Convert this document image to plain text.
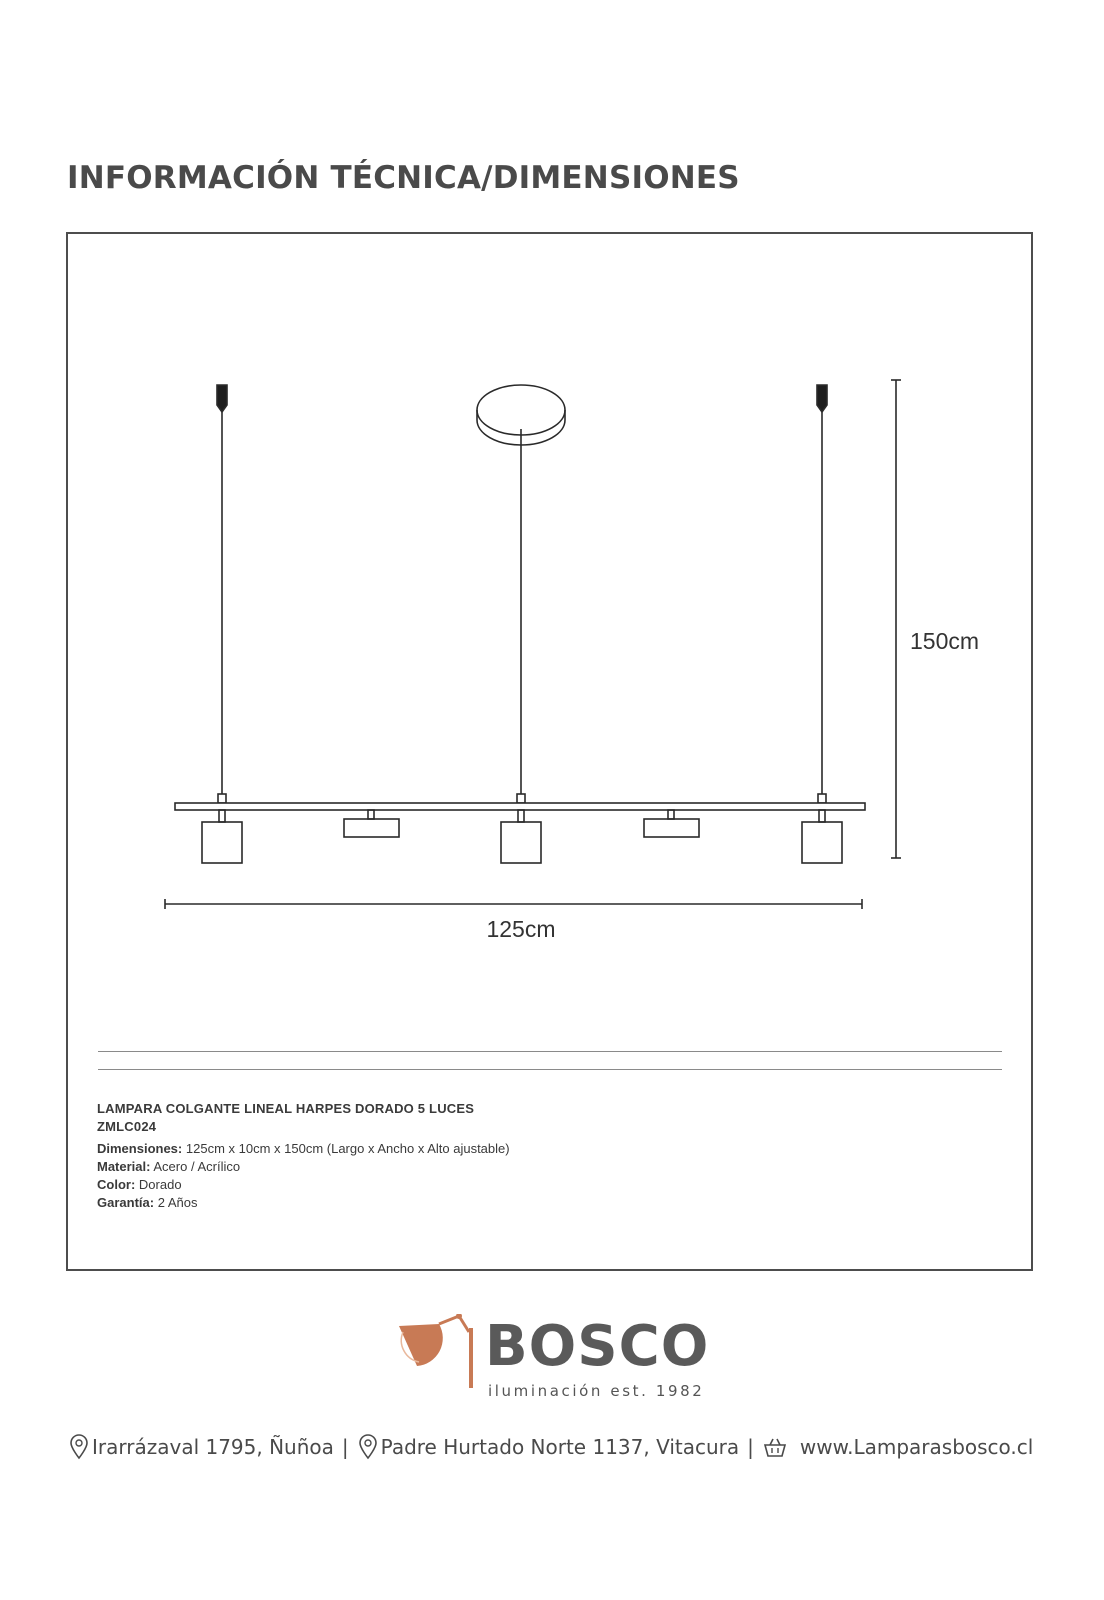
INFORMACIÓN TÉCNICA/DIMENSIONES
150cm
125cm
LAMPARA COLGANTE LINEAL HARPES DORADO 5 LUCES
ZMLC024
Dimensiones: 125cm x 10cm x 150cm (Largo x Ancho x Alto ajustable)
Material: Acero / Acrílico
Color: Dorado
Garantía: 2 Años
BOSCO
iluminación est. 1982
Irarrázaval 1795, Ñuñoa | Padre Hurtado Norte 1137, Vitacura | www.Lamparasbosco.cl
